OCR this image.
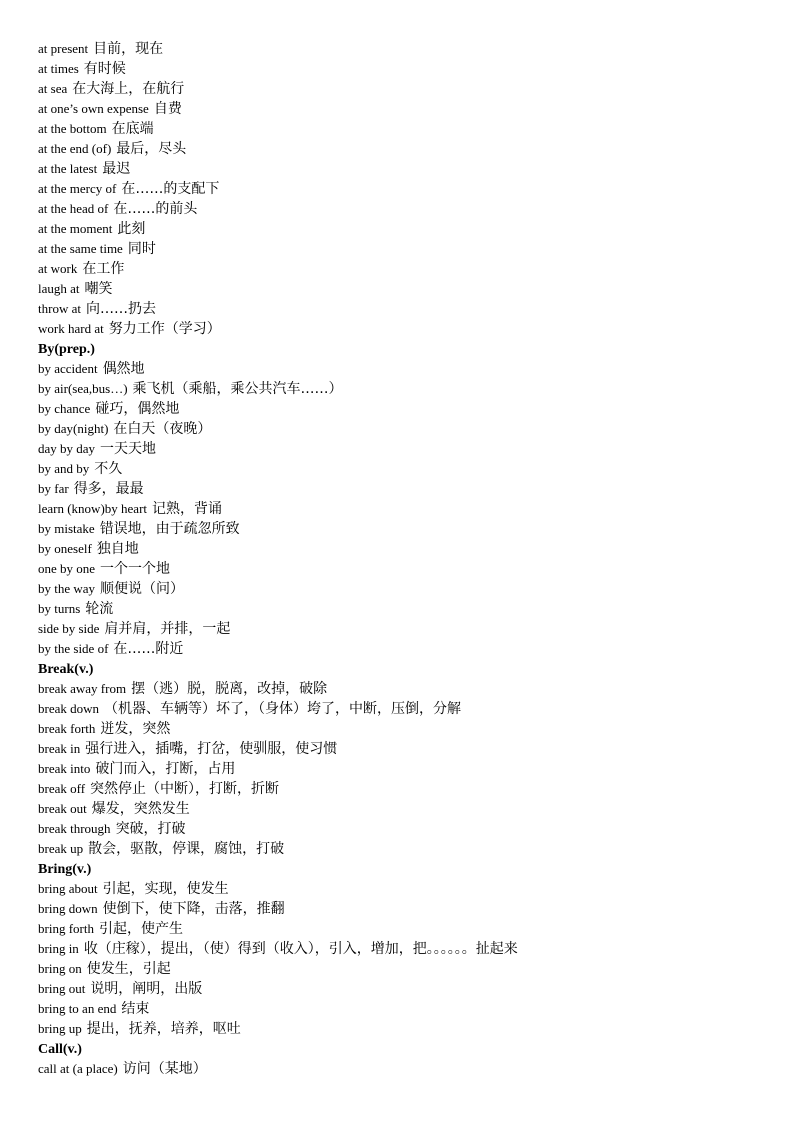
at present 目前，现在
at times 有时候
at sea 在大海上，在航行
at one’s own expense 自费
at the bottom 在底端
at the end (of) 最后，尽头
at the latest 最迟
at the mercy of 在……的支配下
at the head of 在……的前头
at the moment 此刻
at the same time 同时
at work 在工作
laugh at 嘲笑
throw at 向……扔去
work hard at 努力工作（学习）
By(prep.)
by accident 偶然地
by air(sea,bus…) 乘飞机（乘船，乘公共汽车……）
by chance 碰巧，偶然地
by day(night) 在白天（夜晚）
day by day 一天天地
by and by 不久
by far 得多，最最
learn (know)by heart 记熟，背诵
by mistake 错误地，由于疏忽所致
by oneself 独自地
one by one 一个一个地
by the way 顺便说（问）
by turns 轮流
side by side 肩并肩，并排，一起
by the side of 在……附近
Break(v.)
break away from 摆（逃）脱，脱离，改掉，破除
break down （机器、车辆等）坏了，（身体）垮了，中断，压倒，分解
break forth 迸发，突然
break in 强行进入，插嘴，打岔，使驯服，使习惯
break into 破门而入，打断，占用
break off 突然停止（中断），打断，折断
break out 爆发，突然发生
break through 突破，打破
break up 散会，驱散，停课，腐蚀，打破
Bring(v.)
bring about 引起，实现，使发生
bring down 使倒下，使下降，击落，推翻
bring forth 引起，使产生
bring in 收（庄稼），提出，（使）得到（收入），引入，增加，把。。。。。。扯起来
bring on 使发生，引起
bring out 说明，阐明，出版
bring to an end 结束
bring up 提出，抚养，培养，呕吐
Call(v.)
call at (a place) 访问（某地）
